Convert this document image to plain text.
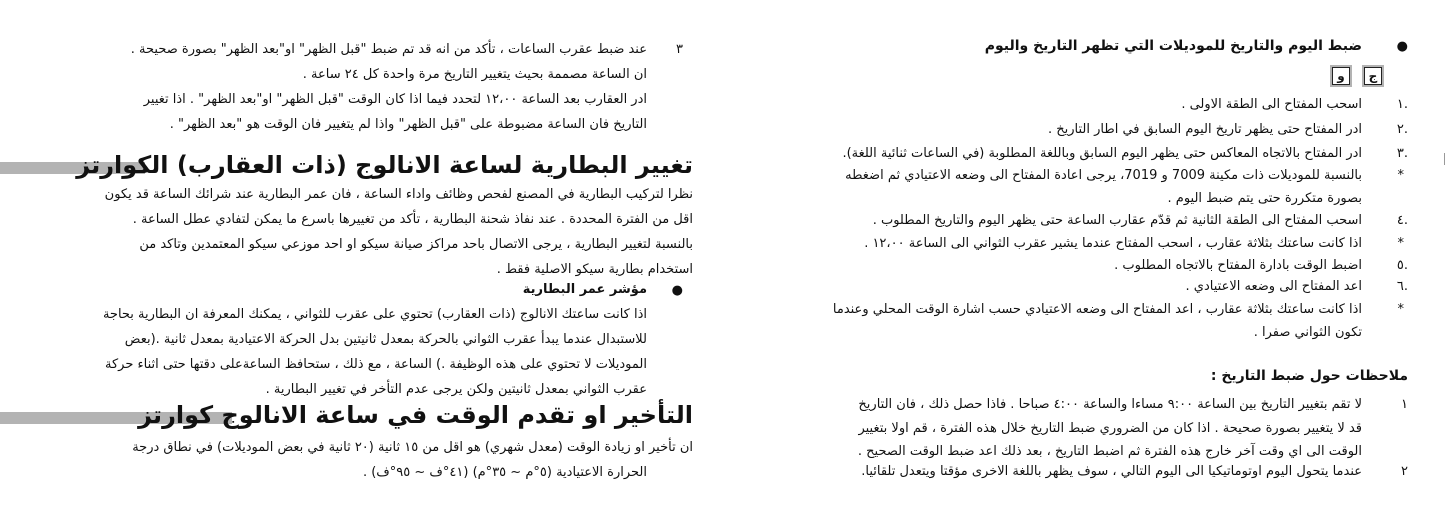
٣
عند ضبط عقرب الساعات ، تأكد من انه قد تم ضبط "قبل الظهر" او"بعد الظهر" بصورة صحيحة .
ان الساعة مصممة بحيث يتغيير التاريخ مرة واحدة كل ٢٤ ساعة .
ادر العقارب بعد الساعة ١٢،٠٠ لتحدد فيما اذا كان الوقت "قبل الظهر" او"بعد الظهر" . اذا تغيير
التاريخ فان الساعة مضبوطة على "قبل الظهر" واذا لم يتغيير فان الوقت هو "بعد الظهر" .
تغيير البطارية لساعة الانالوج (ذات العقارب) الكوارتز
نظرا لتركيب البطارية في المصنع لفحص وظائف واداء الساعة ، فان عمر البطارية عند شرائك الساعة قد يكون
اقل من الفترة المحددة . عند نفاذ شحنة البطارية ، تأكد من تغييرها باسرع ما يمكن لتفادي عطل الساعة .
بالنسبة لتغيير البطارية ، يرجى الاتصال باحد مراكز صيانة سيكو او احد موزعي سيكو المعتمدين وتاكد من
استخدام بطارية سيكو الاصلية فقط .
●
مؤشر عمر البطارية
اذا كانت ساعتك الانالوج (ذات العقارب) تحتوي على عقرب للثواني ، يمكنك المعرفة ان البطارية بحاجة
للاستبدال عندما يبدأ عقرب الثواني بالحركة بمعدل ثانيتين بدل الحركة الاعتيادية بمعدل ثانية .(بعض
الموديلات لا تحتوي على هذه الوظيفة .) الساعة ، مع ذلك ، ستحافظ الساعةعلى دقتها حتى اثناء حركة
عقرب الثواني بمعدل ثانيتين ولكن يرجى عدم التأخر في تغيير البطارية .
التأخير او تقدم الوقت في ساعة الانالوج كوارتز
ان تأخير او زيادة الوقت (معدل شهري) هو اقل من ١٥ ثانية (٢٠ ثانية في بعض الموديلات) في نطاق درجة
الحرارة الاعتيادية (٥°م ~ ٣٥°م) (٤١°ف ~ ٩٥°ف) .
●
ضبط اليوم والتاريخ للموديلات التي تظهر التاريخ واليوم
ج
و
.١
اسحب المفتاح الى الطقة الاولى .
.٢
ادر المفتاح حتى يظهر تاريخ اليوم السابق في اطار التاريخ .
.٣
ادر المفتاح بالاتجاه المعاكس حتى يظهر اليوم السابق وباللغة المطلوبة (في الساعات ثنائية اللغة).
*
بالنسبة للموديلات ذات مكينة 7009 و 7019، يرجى اعادة المفتاح الى وضعه الاعتيادي ثم اضغطه
بصورة متكررة حتى يتم ضبط اليوم .
.٤
اسحب المفتاح الى الطقة الثانية ثم قدّم عقارب الساعة حتى يظهر اليوم والتاريخ المطلوب .
*
اذا كانت ساعتك بثلاثة عقارب ، اسحب المفتاح عندما يشير عقرب الثواني الى الساعة ١٢،٠٠ .
.٥
اضبط الوقت بادارة المفتاح بالاتجاه المطلوب .
.٦
اعد المفتاح الى وضعه الاعتيادي .
*
اذا كانت ساعتك بثلاثة عقارب ، اعد المفتاح الى وضعه الاعتيادي حسب اشارة الوقت المحلي وعندما
تكون الثواني صفرا .
ملاحظات حول ضبط التاريخ :
١
لا تقم بتغيير التاريخ بين الساعة ٩:٠٠ مساءا والساعة ٤:٠٠ صباحا . فاذا حصل ذلك ، فان التاريخ
قد لا يتغيير بصورة صحيحة . اذا كان من الضروري ضبط التاريخ خلال هذه الفترة ، قم اولا بتغيير
الوقت الى اي وقت آخر خارج هذه الفترة ثم اضبط التاريخ ، بعد ذلك اعد ضبط الوقت الصحيح .
٢
عندما يتحول اليوم اوتوماتيكيا الى اليوم التالي ، سوف يظهر باللغة الاخرى مؤقتا ويتعدل تلقائيا.
